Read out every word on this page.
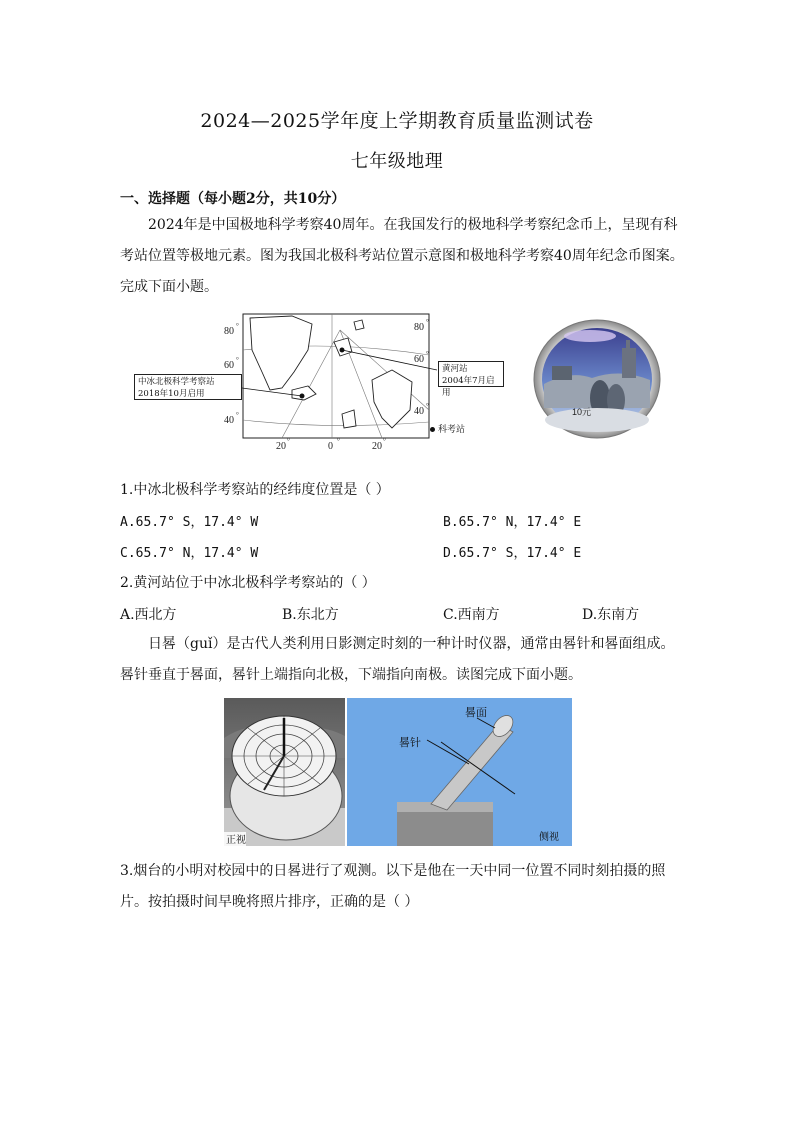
2024—2025学年度上学期教育质量监测试卷
七年级地理
一、选择题（每小题2分，共10分）
2024年是中国极地科学考察40周年。在我国发行的极地科学考察纪念币上，呈现有科考站位置等极地元素。图为我国北极科考站位置示意图和极地科学考察40周年纪念币图案。完成下面小题。
80
60
40
°
°
°
80
60
40
°
°
°
20	0	20
°	°	°
中冰北极科学考察站
2018年10月启用
黄河站
2004年7月启用
科考站
10元
1.中冰北极科学考察站的经纬度位置是（ ）
A.65.7° S，17.4° W	B.65.7° N，17.4° E
C.65.7° N，17.4° W	D.65.7° S，17.4° E
2.黄河站位于中冰北极科学考察站的（ ）
A.西北方	B.东北方	C.西南方	D.东南方
日晷（guǐ）是古代人类利用日影测定时刻的一种计时仪器，通常由晷针和晷面组成。晷针垂直于晷面，晷针上端指向北极，下端指向南极。读图完成下面小题。
正视
晷面
晷针
侧视
3.烟台的小明对校园中的日晷进行了观测。以下是他在一天中同一位置不同时刻拍摄的照片。按拍摄时间早晚将照片排序，正确的是（ ）
